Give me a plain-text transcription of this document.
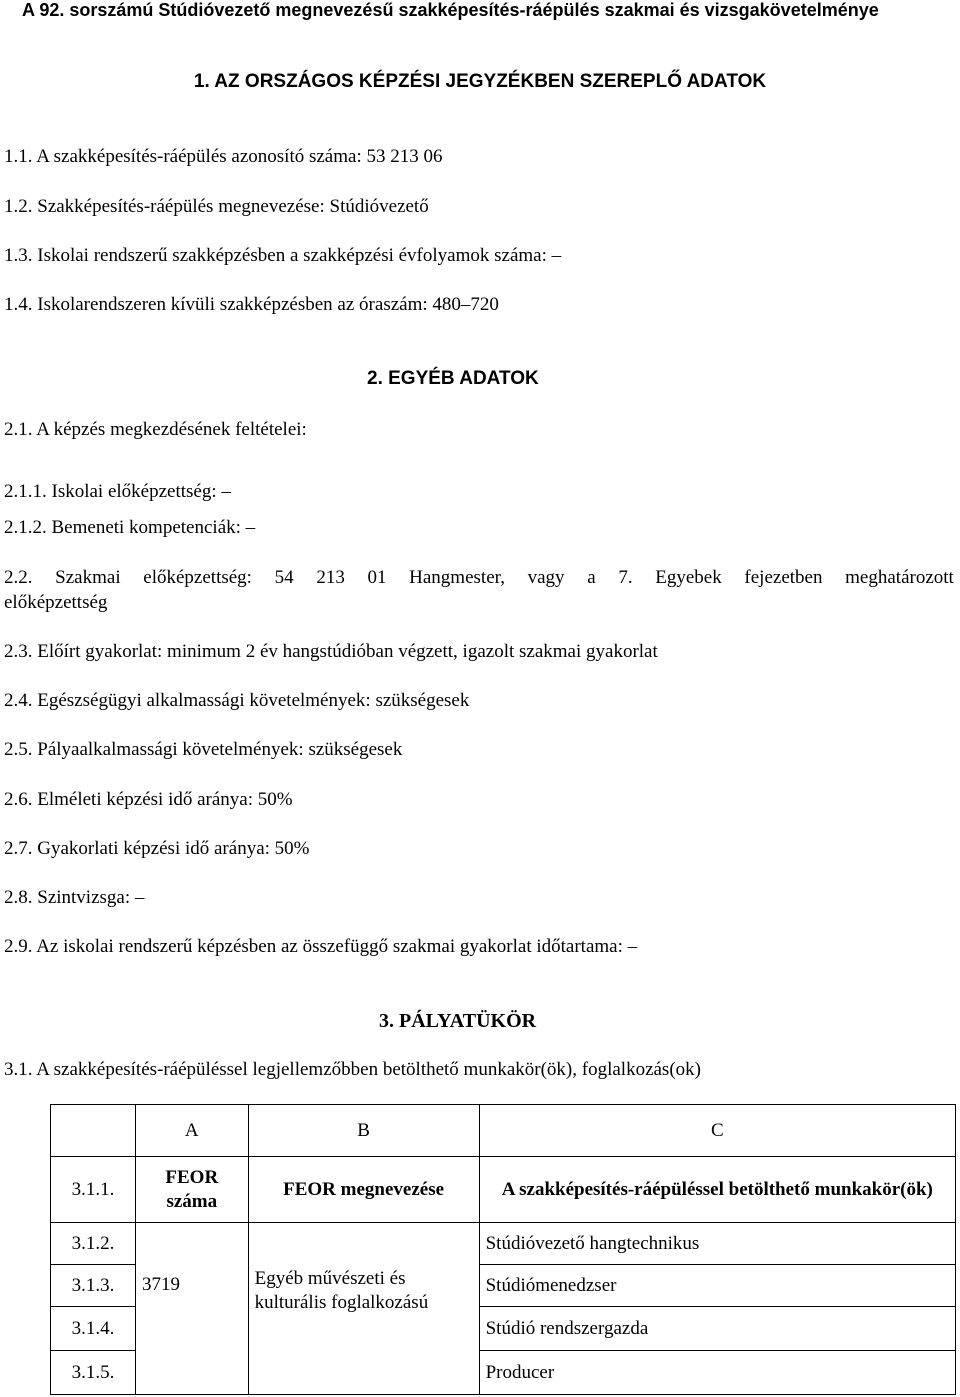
A 92. sorszámú Stúdióvezető megnevezésű szakképesítés-ráépülés szakmai és vizsgakövetelménye
1. AZ ORSZÁGOS KÉPZÉSI JEGYZÉKBEN SZEREPLŐ ADATOK
1.1. A szakképesítés-ráépülés azonosító száma: 53 213 06
1.2. Szakképesítés-ráépülés megnevezése: Stúdióvezető
1.3. Iskolai rendszerű szakképzésben a szakképzési évfolyamok száma: –
1.4. Iskolarendszeren kívüli szakképzésben az óraszám: 480–720
2. EGYÉB ADATOK
2.1. A képzés megkezdésének feltételei:
2.1.1. Iskolai előképzettség: –
2.1.2. Bemeneti kompetenciák: –
2.2. Szakmai előképzettség: 54 213 01 Hangmester, vagy a 7. Egyebek fejezetben meghatározott
előképzettség
2.3. Előírt gyakorlat: minimum 2 év hangstúdióban végzett, igazolt szakmai gyakorlat
2.4. Egészségügyi alkalmassági követelmények: szükségesek
2.5. Pályaalkalmassági követelmények: szükségesek
2.6. Elméleti képzési idő aránya: 50%
2.7. Gyakorlati képzési idő aránya: 50%
2.8. Szintvizsga: –
2.9. Az iskolai rendszerű képzésben az összefüggő szakmai gyakorlat időtartama: –
3. PÁLYATÜKÖR
3.1. A szakképesítés-ráépüléssel legjellemzőbben betölthető munkakör(ök), foglalkozás(ok)
	A	B	C
3.1.1.	FEOR száma	FEOR megnevezése	A szakképesítés-ráépüléssel betölthető munkakör(ök)
3.1.2.	3719	Egyéb művészeti és kulturális foglalkozású	Stúdióvezető hangtechnikus
3.1.3.			Stúdiómenedzser
3.1.4.			Stúdió rendszergazda
3.1.5.			Producer
